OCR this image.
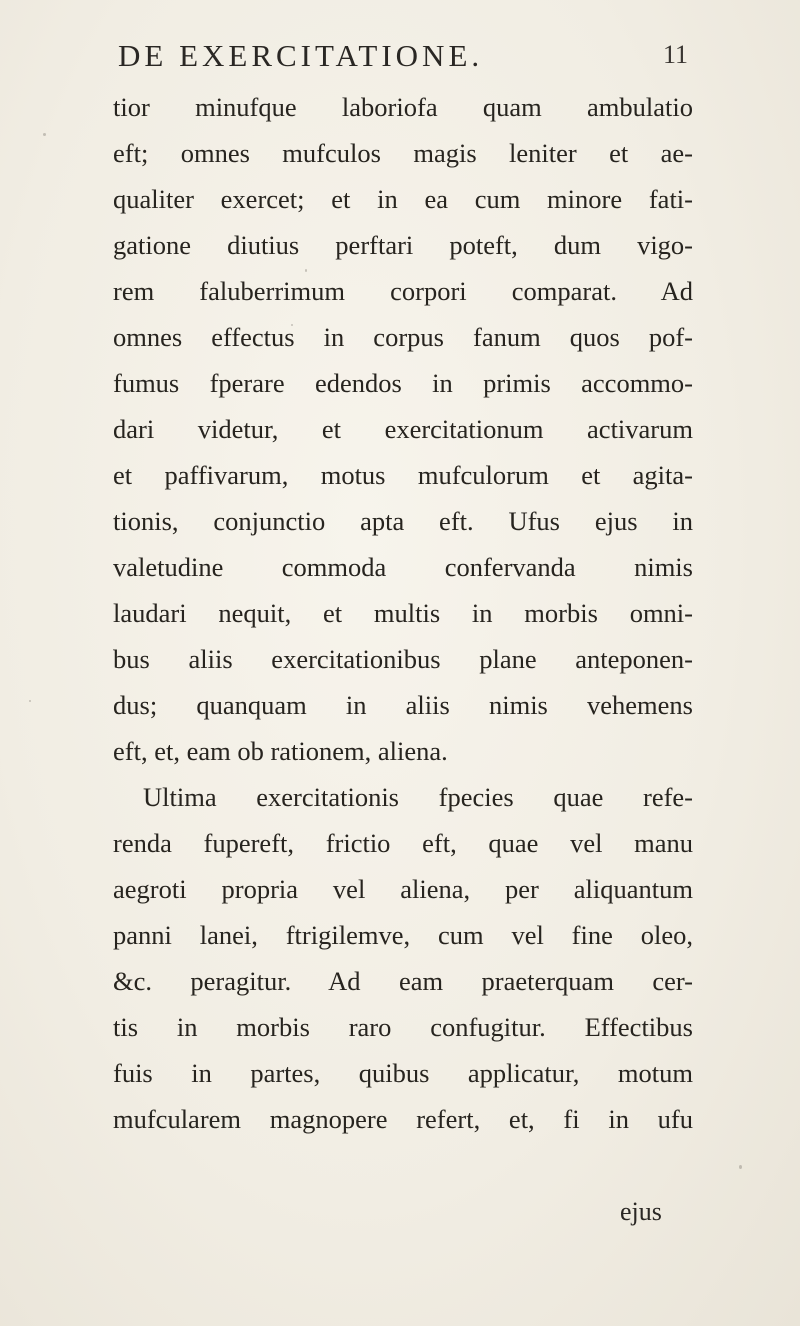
DE EXERCITATIONE.	11
tior minufque laboriofa quam ambulatio
eft; omnes mufculos magis leniter et ae-
qualiter exercet; et in ea cum minore fati-
gatione diutius perftari poteft, dum vigo-
rem faluberrimum corpori comparat. Ad
omnes effectus in corpus fanum quos pof-
fumus fperare edendos in primis accommo-
dari videtur, et exercitationum activarum
et paffivarum, motus mufculorum et agita-
tionis, conjunctio apta eft. Ufus ejus in
valetudine commoda confervanda nimis
laudari nequit, et multis in morbis omni-
bus aliis exercitationibus plane anteponen-
dus; quanquam in aliis nimis vehemens
eft, et, eam ob rationem, aliena.
Ultima exercitationis fpecies quae refe-
renda fupereft, frictio eft, quae vel manu
aegroti propria vel aliena, per aliquantum
panni lanei, ftrigilemve, cum vel fine oleo,
&c. peragitur. Ad eam praeterquam cer-
tis in morbis raro confugitur. Effectibus
fuis in partes, quibus applicatur, motum
mufcularem magnopere refert, et, fi in ufu
ejus
